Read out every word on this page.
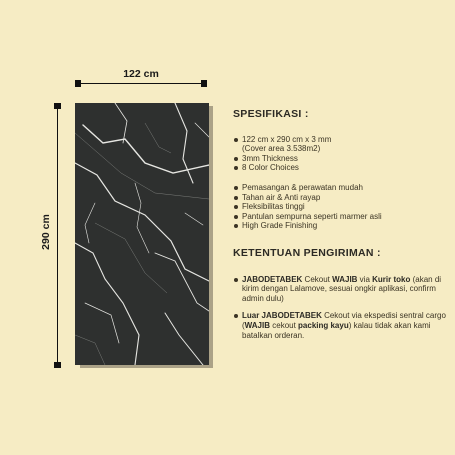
122 cm
290 cm

SPESIFIKASI :

122 cm x 290 cm x 3 mm
(Cover area 3.538m2)
3mm Thickness
8 Color Choices
Pemasangan & perawatan mudah
Tahan air & Anti rayap
Fleksibilitas tinggi
Pantulan sempurna seperti marmer asli
High Grade Finishing

KETENTUAN PENGIRIMAN :

JABODETABEK Cekout WAJIB via Kurir toko (akan di kirim dengan Lalamove, sesuai ongkir aplikasi, confirm admin dulu)
Luar JABODETABEK Cekout via ekspedisi sentral cargo (WAJIB cekout packing kayu) kalau tidak akan kami batalkan orderan.
